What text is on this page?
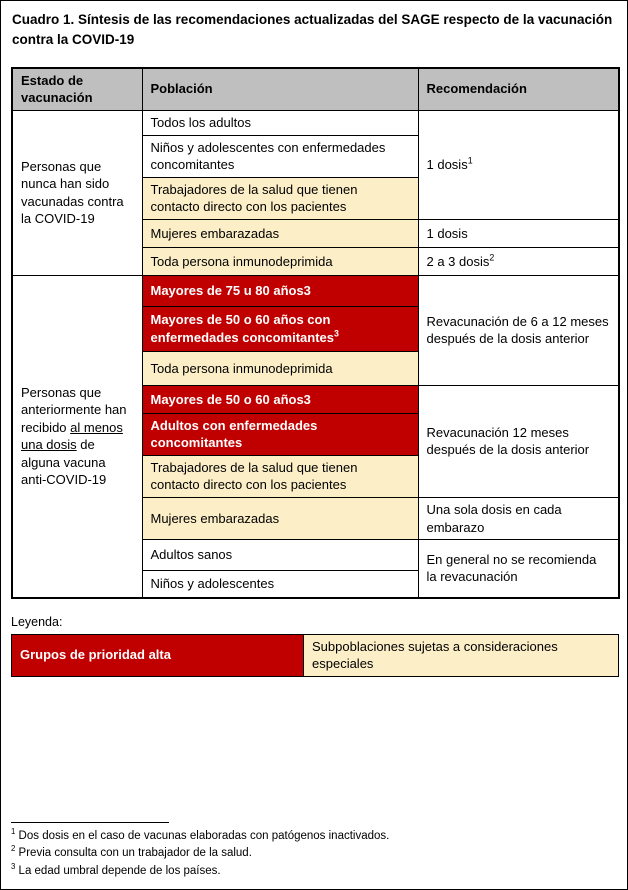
Cuadro 1. Síntesis de las recomendaciones actualizadas del SAGE respecto de la vacunación contra la COVID-19
Estado de vacunación	Población	Recomendación
Personas que nunca han sido vacunadas contra la COVID-19	Todos los adultos	1 dosis$^1$
	Niños y adolescentes con enfermedades concomitantes	
	Trabajadores de la salud que tienen contacto directo con los pacientes	
	Mujeres embarazadas	1 dosis
	Toda persona inmunodeprimida	2 a 3 dosis$^2$
Personas que anteriormente han recibido al menos una dosis de alguna vacuna anti-COVID-19	Mayores de 75 u 80 años3	Revacunación de 6 a 12 meses después de la dosis anterior
	Mayores de 50 o 60 años con enfermedades concomitantes$^3$
	Toda persona inmunodeprimida	
	Mayores de 50 o 60 años3	Revacunación 12 meses después de la dosis anterior
	Adultos con enfermedades concomitantes	
	Trabajadores de la salud que tienen contacto directo con los pacientes	
	Mujeres embarazadas	Una sola dosis en cada embarazo
	Adultos sanos	En general no se recomienda la revacunación
	Niños y adolescentes	
Leyenda:
Grupos de prioridad alta	Subpoblaciones sujetas a consideraciones especiales
$^1$ Dos dosis en el caso de vacunas elaboradas con patógenos inactivados.
$^2$ Previa consulta con un trabajador de la salud.
$^3$ La edad umbral depende de los países.
